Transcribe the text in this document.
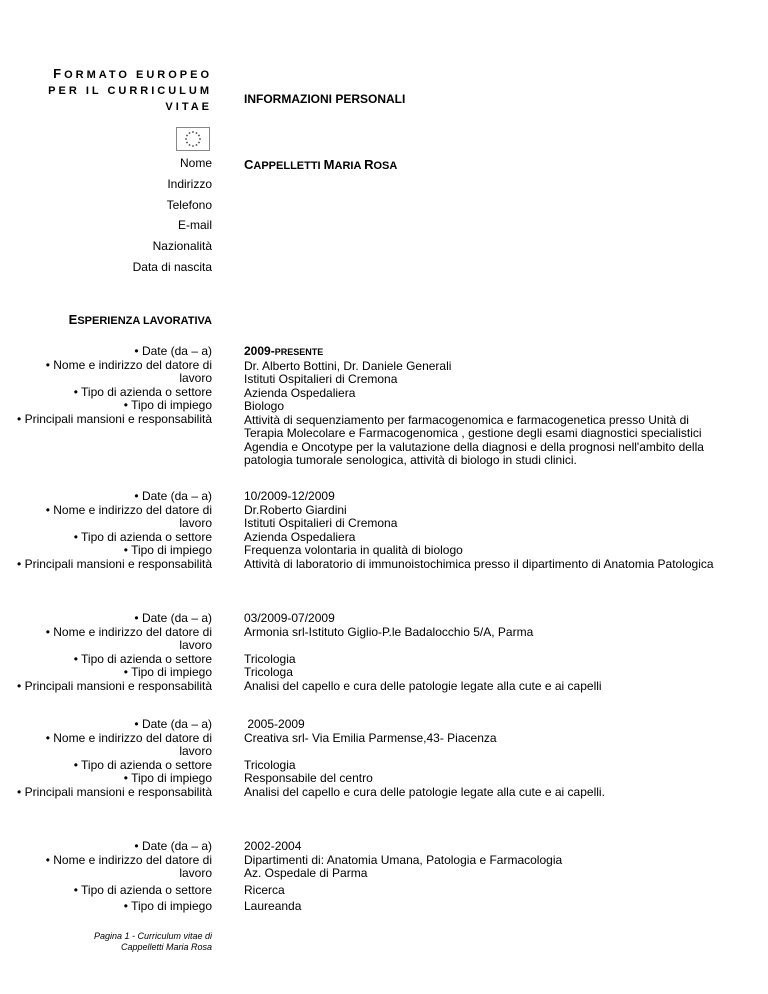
FORMATO EUROPEO
PER IL CURRICULUM
VITAE
INFORMAZIONI PERSONALI
Nome CAPPELLETTI MARIA ROSA
Indirizzo
Telefono
E-mail
Nazionalità
Data di nascita
ESPERIENZA LAVORATIVA
• Date (da – a)
• Nome e indirizzo del datore di
lavoro
• Tipo di azienda o settore
• Tipo di impiego
• Principali mansioni e responsabilità
2009-PRESENTE
Dr. Alberto Bottini, Dr. Daniele Generali
Istituti Ospitalieri di Cremona
Azienda Ospedaliera
Biologo
Attività di sequenziamento per farmacogenomica e farmacogenetica presso Unità di Terapia Molecolare e Farmacogenomica , gestione degli esami diagnostici specialistici Agendia e Oncotype per la valutazione della diagnosi e della prognosi nell'ambito della patologia tumorale senologica, attività di biologo in studi clinici.
• Date (da – a)
• Nome e indirizzo del datore di
lavoro
• Tipo di azienda o settore
• Tipo di impiego
• Principali mansioni e responsabilità
10/2009-12/2009
Dr.Roberto Giardini
Istituti Ospitalieri di Cremona
Azienda Ospedaliera
Frequenza volontaria in qualità di biologo
Attività di laboratorio di immunoistochimica presso il dipartimento di Anatomia Patologica
• Date (da – a)
• Nome e indirizzo del datore di
lavoro
• Tipo di azienda o settore
• Tipo di impiego
• Principali mansioni e responsabilità
03/2009-07/2009
Armonia srl-Istituto Giglio-P.le Badalocchio 5/A, Parma

Tricologia
Tricologa
Analisi del capello e cura delle patologie legate alla cute e ai capelli
• Date (da – a)
• Nome e indirizzo del datore di
lavoro
• Tipo di azienda o settore
• Tipo di impiego
• Principali mansioni e responsabilità
2005-2009
Creativa srl- Via Emilia Parmense,43- Piacenza

Tricologia
Responsabile del centro
Analisi del capello e cura delle patologie legate alla cute e ai capelli.
• Date (da – a)
• Nome e indirizzo del datore di
lavoro
• Tipo di azienda o settore
• Tipo di impiego
2002-2004
Dipartimenti di: Anatomia Umana, Patologia e Farmacologia
Az. Ospedale di Parma
Ricerca
Laureanda
Pagina 1 - Curriculum vitae di
Cappelletti Maria Rosa
